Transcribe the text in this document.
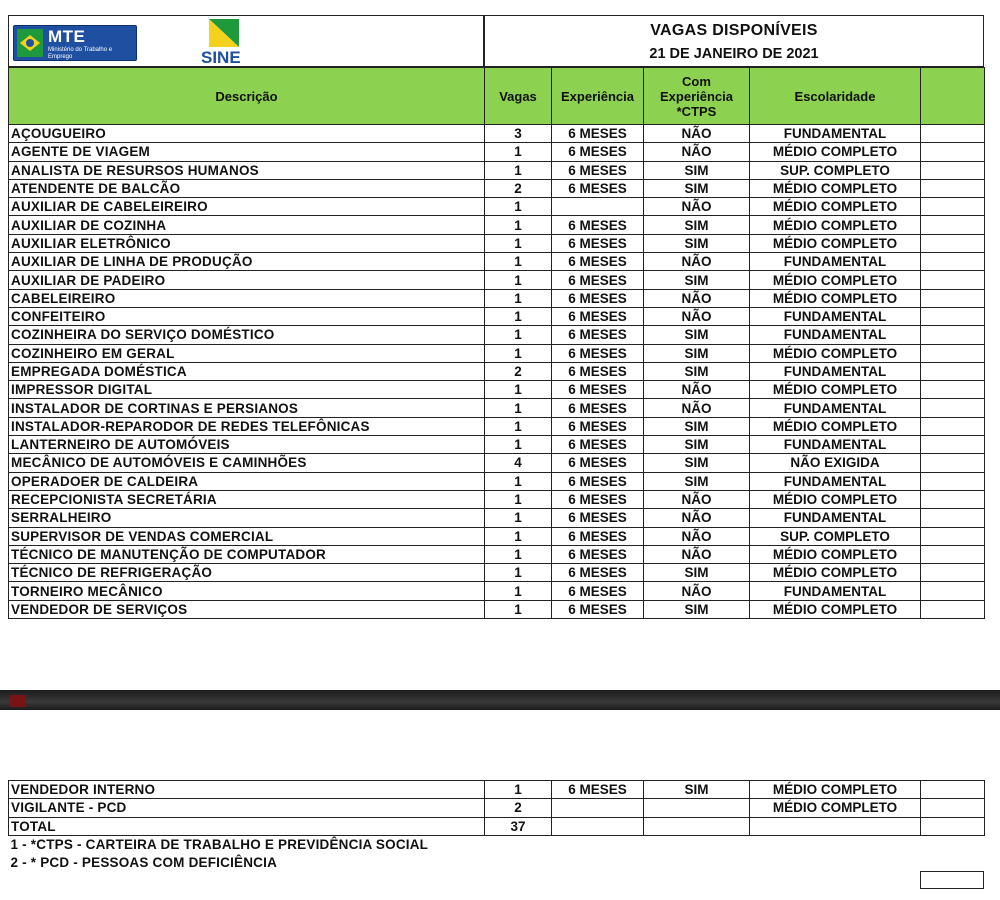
MTE
Ministério do Trabalho e Emprego	SINE
VAGAS DISPONÍVEIS
21 DE JANEIRO DE 2021
Descrição	Vagas	Experiência	Com Experiência *CTPS	Escolaridade	
AÇOUGUEIRO	3	6 MESES	NÃO	FUNDAMENTAL	
AGENTE DE VIAGEM	1	6 MESES	NÃO	MÉDIO COMPLETO	
ANALISTA DE RESURSOS HUMANOS	1	6 MESES	SIM	SUP. COMPLETO	
ATENDENTE DE BALCÃO	2	6 MESES	SIM	MÉDIO COMPLETO	
AUXILIAR DE CABELEIREIRO	1		NÃO	MÉDIO COMPLETO	
AUXILIAR DE COZINHA	1	6 MESES	SIM	MÉDIO COMPLETO	
AUXILIAR ELETRÔNICO	1	6 MESES	SIM	MÉDIO COMPLETO	
AUXILIAR DE LINHA DE PRODUÇÃO	1	6 MESES	NÃO	FUNDAMENTAL	
AUXILIAR DE PADEIRO	1	6 MESES	SIM	MÉDIO COMPLETO	
CABELEIREIRO	1	6 MESES	NÃO	MÉDIO COMPLETO	
CONFEITEIRO	1	6 MESES	NÃO	FUNDAMENTAL	
COZINHEIRA DO SERVIÇO DOMÉSTICO	1	6 MESES	SIM	FUNDAMENTAL	
COZINHEIRO EM GERAL	1	6 MESES	SIM	MÉDIO COMPLETO	
EMPREGADA DOMÉSTICA	2	6 MESES	SIM	FUNDAMENTAL	
IMPRESSOR DIGITAL	1	6 MESES	NÃO	MÉDIO COMPLETO	
INSTALADOR DE CORTINAS E PERSIANOS	1	6 MESES	NÃO	FUNDAMENTAL	
INSTALADOR-REPARODOR DE REDES TELEFÔNICAS	1	6 MESES	SIM	MÉDIO COMPLETO	
LANTERNEIRO DE AUTOMÓVEIS	1	6 MESES	SIM	FUNDAMENTAL	
MECÂNICO DE AUTOMÓVEIS E CAMINHÕES	4	6 MESES	SIM	NÃO EXIGIDA	
OPERADOER DE CALDEIRA	1	6 MESES	SIM	FUNDAMENTAL	
RECEPCIONISTA SECRETÁRIA	1	6 MESES	NÃO	MÉDIO COMPLETO	
SERRALHEIRO	1	6 MESES	NÃO	FUNDAMENTAL	
SUPERVISOR DE VENDAS COMERCIAL	1	6 MESES	NÃO	SUP. COMPLETO	
TÉCNICO DE MANUTENÇÃO DE COMPUTADOR	1	6 MESES	NÃO	MÉDIO COMPLETO	
TÉCNICO DE REFRIGERAÇÃO	1	6 MESES	SIM	MÉDIO COMPLETO	
TORNEIRO MECÂNICO	1	6 MESES	NÃO	FUNDAMENTAL	
VENDEDOR DE SERVIÇOS	1	6 MESES	SIM	MÉDIO COMPLETO	
VENDEDOR INTERNO	1	6 MESES	SIM	MÉDIO COMPLETO	
VIGILANTE - PCD	2			MÉDIO COMPLETO	
TOTAL	37				
1 - *CTPS - CARTEIRA DE TRABALHO E PREVIDÊNCIA SOCIAL					
2 - * PCD - PESSOAS COM DEFICIÊNCIA					
